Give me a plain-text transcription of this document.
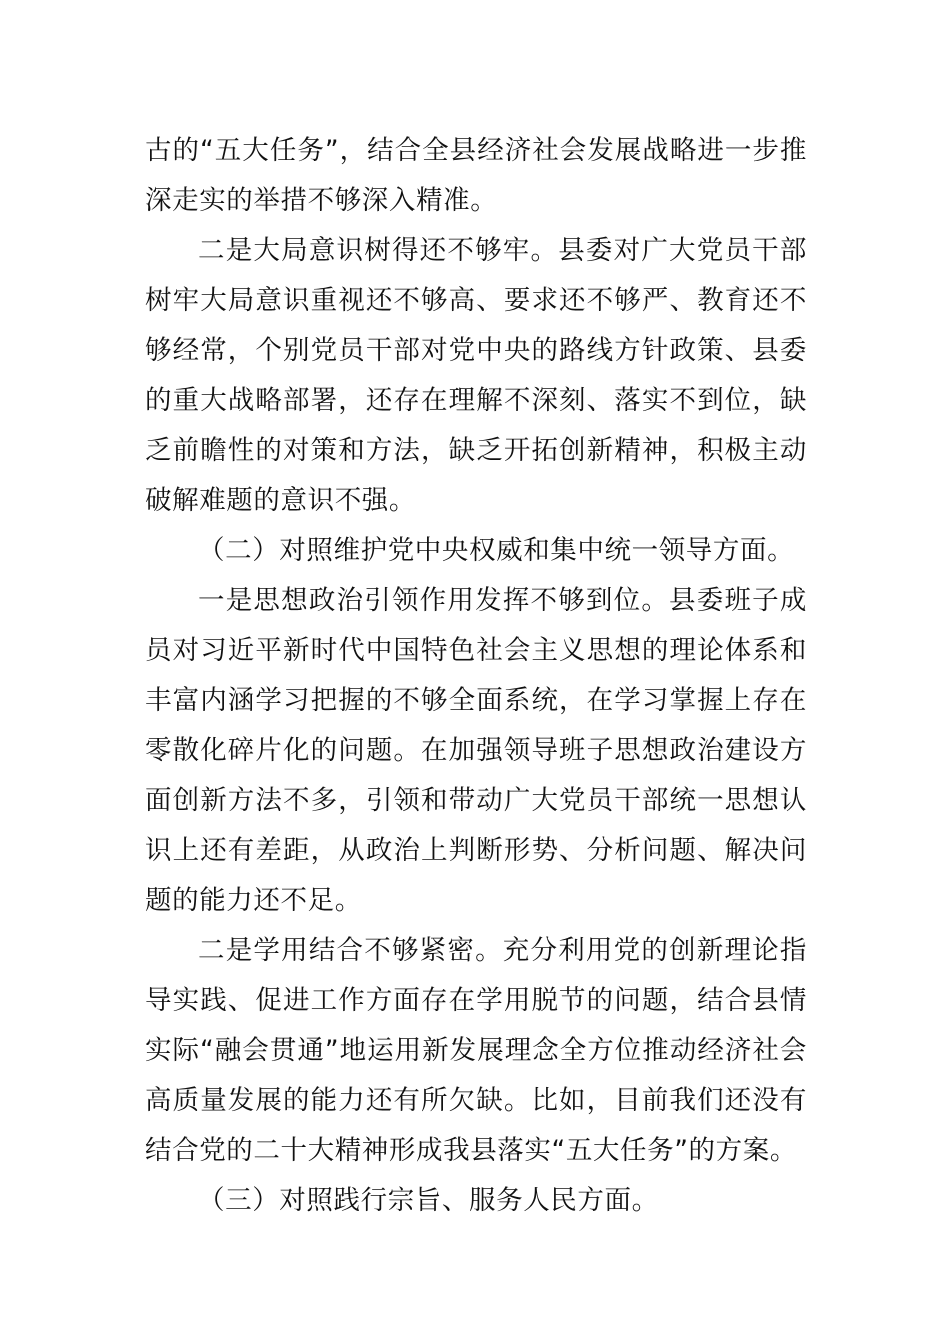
古的“五大任务”，结合全县经济社会发展战略进一步推深走实的举措不够深入精准。

二是大局意识树得还不够牢。县委对广大党员干部树牢大局意识重视还不够高、要求还不够严、教育还不够经常，个别党员干部对党中央的路线方针政策、县委的重大战略部署，还存在理解不深刻、落实不到位，缺乏前瞻性的对策和方法，缺乏开拓创新精神，积极主动破解难题的意识不强。

（二）对照维护党中央权威和集中统一领导方面。

一是思想政治引领作用发挥不够到位。县委班子成员对习近平新时代中国特色社会主义思想的理论体系和丰富内涵学习把握的不够全面系统，在学习掌握上存在零散化碎片化的问题。在加强领导班子思想政治建设方面创新方法不多，引领和带动广大党员干部统一思想认识上还有差距，从政治上判断形势、分析问题、解决问题的能力还不足。

二是学用结合不够紧密。充分利用党的创新理论指导实践、促进工作方面存在学用脱节的问题，结合县情实际“融会贯通”地运用新发展理念全方位推动经济社会高质量发展的能力还有所欠缺。比如，目前我们还没有结合党的二十大精神形成我县落实“五大任务”的方案。

（三）对照践行宗旨、服务人民方面。
